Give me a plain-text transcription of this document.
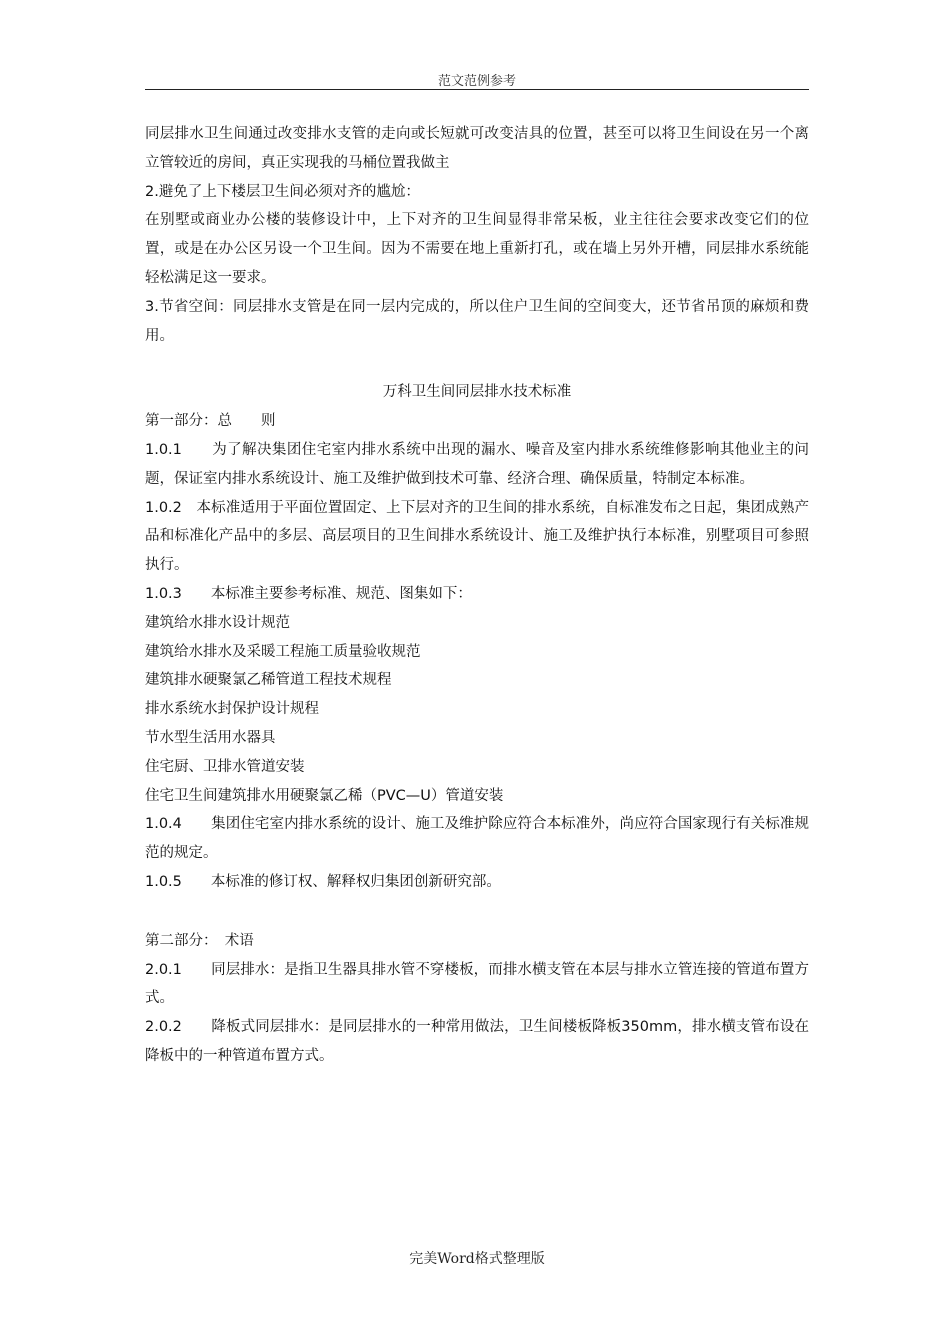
范文范例参考

同层排水卫生间通过改变排水支管的走向或长短就可改变洁具的位置，甚至可以将卫生间设在另一个离立管较近的房间，真正实现我的马桶位置我做主

2.避免了上下楼层卫生间必须对齐的尴尬：

在别墅或商业办公楼的装修设计中，上下对齐的卫生间显得非常呆板，业主往往会要求改变它们的位置，或是在办公区另设一个卫生间。因为不需要在地上重新打孔，或在墙上另外开槽，同层排水系统能轻松满足这一要求。

3.节省空间：同层排水支管是在同一层内完成的，所以住户卫生间的空间变大，还节省吊顶的麻烦和费用。

万科卫生间同层排水技术标准

第一部分：总　　则

1.0.1　　为了解决集团住宅室内排水系统中出现的漏水、噪音及室内排水系统维修影响其他业主的问题，保证室内排水系统设计、施工及维护做到技术可靠、经济合理、确保质量，特制定本标准。

1.0.2　本标准适用于平面位置固定、上下层对齐的卫生间的排水系统，自标准发布之日起，集团成熟产品和标准化产品中的多层、高层项目的卫生间排水系统设计、施工及维护执行本标准，别墅项目可参照执行。

1.0.3　　本标准主要参考标准、规范、图集如下：

建筑给水排水设计规范

建筑给水排水及采暖工程施工质量验收规范

建筑排水硬聚氯乙稀管道工程技术规程

排水系统水封保护设计规程

节水型生活用水器具

住宅厨、卫排水管道安装

住宅卫生间建筑排水用硬聚氯乙稀（PVC—U）管道安装

1.0.4　　集团住宅室内排水系统的设计、施工及维护除应符合本标准外，尚应符合国家现行有关标准规范的规定。

1.0.5　　本标准的修订权、解释权归集团创新研究部。

第二部分：　术语

2.0.1　　同层排水：是指卫生器具排水管不穿楼板，而排水横支管在本层与排水立管连接的管道布置方式。

2.0.2　　降板式同层排水：是同层排水的一种常用做法，卫生间楼板降板350mm，排水横支管布设在降板中的一种管道布置方式。

完美Word格式整理版
